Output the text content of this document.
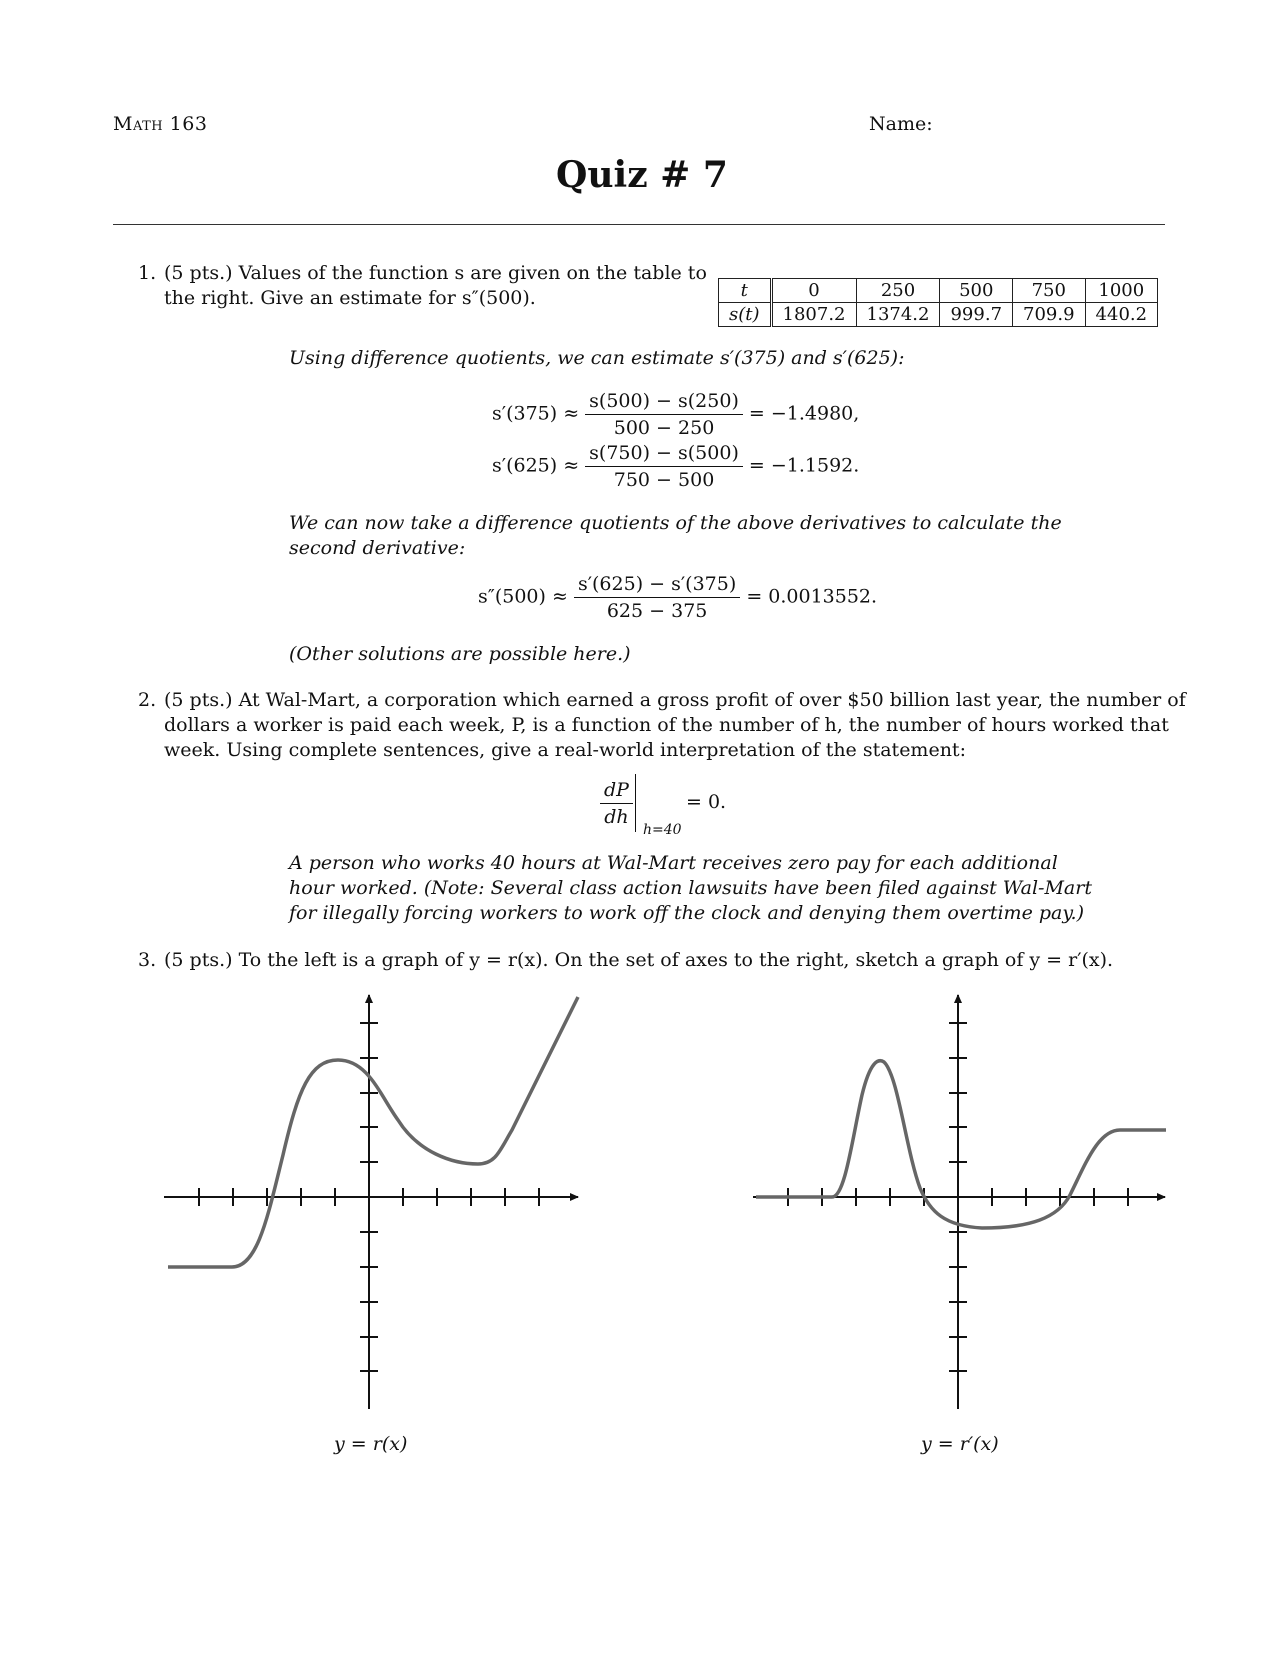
Math 163	Name:
Quiz # 7
1. (5 pts.) Values of the function s are given on the table to
the right. Give an estimate for s″(500).	t	0	250	500	750	1000
s(t)	1807.2	1374.2	999.7	709.9	440.2
Using difference quotients, we can estimate s′(375) and s′(625):
$s'(375) \approx \frac{s(500) - s(250)}{500 - 250} = -1.4980$,
$s'(625) \approx \frac{s(750) - s(500)}{750 - 500} = -1.1592$.
We can now take a difference quotients of the above derivatives to calculate the
second derivative:
$s''(500) \approx \frac{s'(625) - s'(375)}{625 - 375} = 0.0013552$.
(Other solutions are possible here.)
2. (5 pts.) At Wal-Mart, a corporation which earned a gross profit of over $50 billion last year, the number of
dollars a worker is paid each week, P, is a function of the number of h, the number of hours worked that
week. Using complete sentences, give a real-world interpretation of the statement:
$\frac{dP}{dh}$	= 0.
h=40
A person who works 40 hours at Wal-Mart receives zero pay for each additional
hour worked. (Note: Several class action lawsuits have been filed against Wal-Mart
for illegally forcing workers to work off the clock and denying them overtime pay.)
3. (5 pts.) To the left is a graph of y = r(x). On the set of axes to the right, sketch a graph of y = r′(x).
y = r(x)	y = r′(x)
